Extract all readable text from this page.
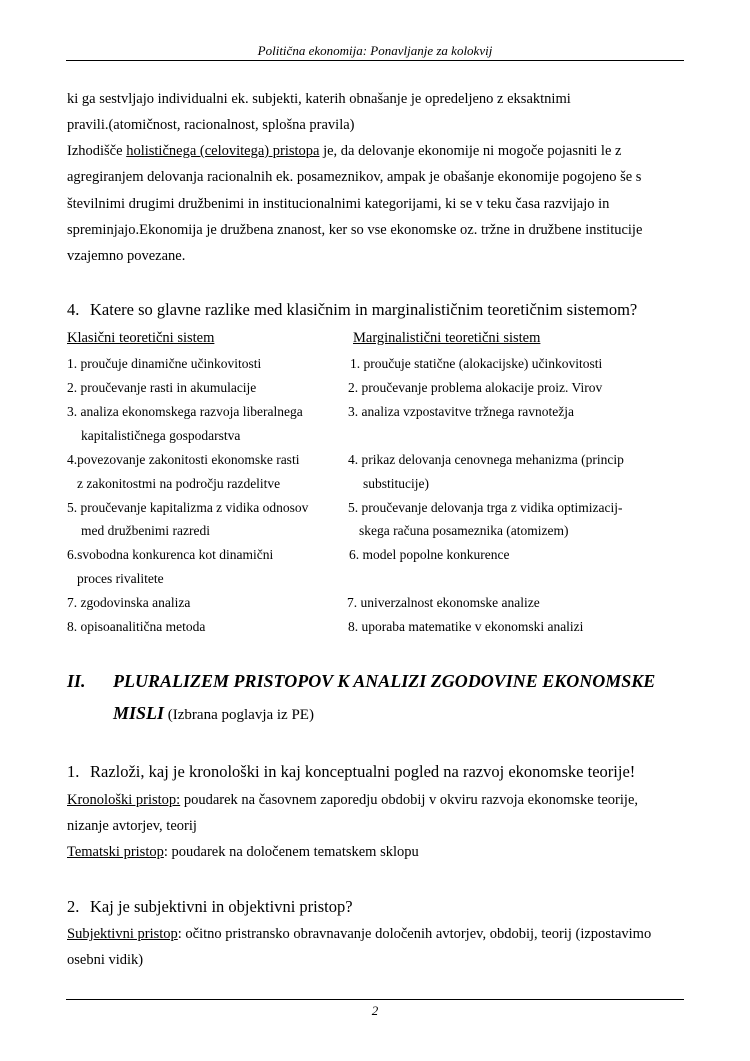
Politična ekonomija: Ponavljanje za kolokvij
ki ga sestvljajo individualni ek. subjekti, katerih obnašanje je opredeljeno z eksaktnimi
pravili.(atomičnost, racionalnost, splošna pravila)
Izhodišče holističnega (celovitega) pristopa je, da delovanje ekonomije ni mogoče pojasniti le z
agregiranjem delovanja racionalnih ek. posameznikov, ampak je obašanje ekonomije pogojeno še s
številnimi drugimi družbenimi in institucionalnimi kategorijami, ki se v teku časa razvijajo in
spreminjajo.Ekonomija je družbena znanost, ker so vse ekonomske oz. tržne in družbene institucije
vzajemno povezane.
4. Katere so glavne razlike med klasičnim in marginalističnim teoretičnim sistemom?
Klasični teoretični sistem	Marginalistični teoretični sistem
1. proučuje dinamične učinkovitosti
2. proučevanje rasti in akumulacije
3. analiza ekonomskega razvoja liberalnega
kapitalističnega gospodarstva
4.povezovanje zakonitosti ekonomske rasti
z zakonitostmi na področju razdelitve
5. proučevanje kapitalizma z vidika odnosov
med družbenimi razredi
6.svobodna konkurenca kot dinamični
proces rivalitete
7. zgodovinska analiza
8. opisoanalitična metoda
1. proučuje statične (alokacijske) učinkovitosti
2. proučevanje problema alokacije proiz. Virov
3. analiza vzpostavitve tržnega ravnotežja
4. prikaz delovanja cenovnega mehanizma (princip
substitucije)
5. proučevanje delovanja trga z vidika optimizacij-
skega računa posameznika (atomizem)
6. model popolne konkurence
7. univerzalnost ekonomske analize
8. uporaba matematike v ekonomski analizi
II. PLURALIZEM PRISTOPOV K ANALIZI ZGODOVINE EKONOMSKE
MISLI (Izbrana poglavja iz PE)
1. Razloži, kaj je kronološki in kaj konceptualni pogled na razvoj ekonomske teorije!
Kronološki pristop: poudarek na časovnem zaporedju obdobij v okviru razvoja ekonomske teorije,
nizanje avtorjev, teorij
Tematski pristop: poudarek na določenem tematskem sklopu
2. Kaj je subjektivni in objektivni pristop?
Subjektivni pristop: očitno pristransko obravnavanje določenih avtorjev, obdobij, teorij (izpostavimo
osebni vidik)
2
